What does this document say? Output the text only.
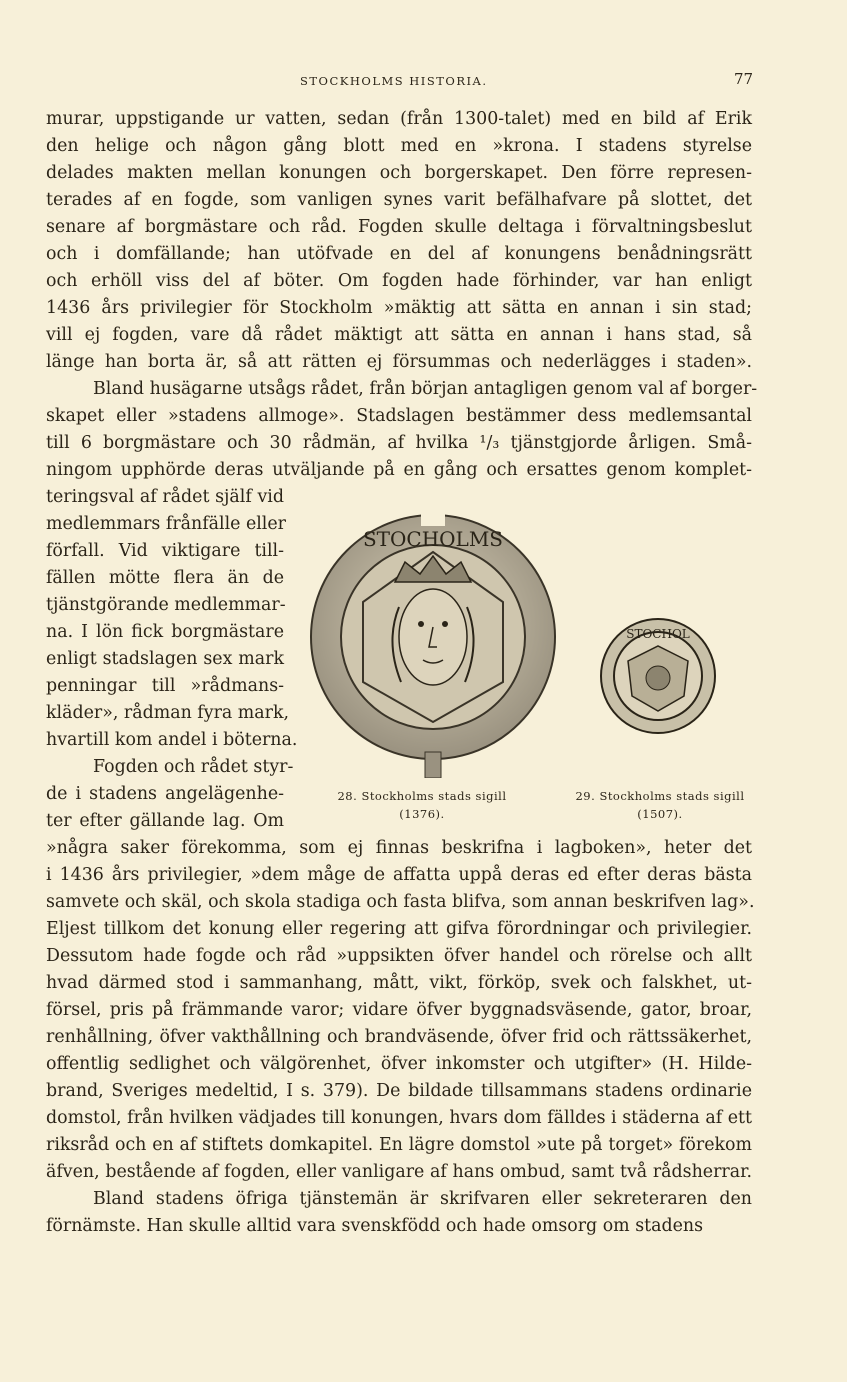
STOCKHOLMS HISTORIA.	77
murar, uppstigande ur vatten, sedan (från 1300-talet) med en bild af Erik
den helige och någon gång blott med en »krona. I stadens styrelse
delades makten mellan konungen och borgerskapet. Den förre represen-
terades af en fogde, som vanligen synes varit befälhafvare på slottet, det
senare af borgmästare och råd. Fogden skulle deltaga i förvaltningsbeslut
och i domfällande; han utöfvade en del af konungens benådningsrätt
och erhöll viss del af böter. Om fogden hade förhinder, var han enligt
1436 års privilegier för Stockholm »mäktig att sätta en annan i sin stad;
vill ej fogden, vare då rådet mäktigt att sätta en annan i hans stad, så
länge han borta är, så att rätten ej försummas och nederlägges i staden».
Bland husägarne utsågs rådet, från början antagligen genom val af borger-
skapet eller »stadens allmoge». Stadslagen bestämmer dess medlemsantal
till 6 borgmästare och 30 rådmän, af hvilka ¹/₃ tjänstgjorde årligen. Små-
ningom upphörde deras utväljande på en gång och ersattes genom komplet-
teringsval af rådet själf vid
medlemmars frånfälle eller
förfall. Vid viktigare till-
fällen mötte flera än de
tjänstgörande medlemmar-
na. I lön fick borgmästare
enligt stadslagen sex mark
penningar till »rådmans-
kläder», rådman fyra mark,
hvartill kom andel i böterna.
Fogden och rådet styr-
de i stadens angelägenhe-
ter efter gällande lag. Om
»några saker förekomma, som ej finnas beskrifna i lagboken», heter det
i 1436 års privilegier, »dem måge de affatta uppå deras ed efter deras bästa
samvete och skäl, och skola stadiga och fasta blifva, som annan beskrifven lag».
Eljest tillkom det konung eller regering att gifva förordningar och privilegier.
Dessutom hade fogde och råd »uppsikten öfver handel och rörelse och allt
hvad därmed stod i sammanhang, mått, vikt, förköp, svek och falskhet, ut-
försel, pris på främmande varor; vidare öfver byggnadsväsende, gator, broar,
renhållning, öfver vakthållning och brandväsende, öfver frid och rättssäkerhet,
offentlig sedlighet och välgörenhet, öfver inkomster och utgifter» (H. Hilde-
brand, Sveriges medeltid, I s. 379). De bildade tillsammans stadens ordinarie
domstol, från hvilken vädjades till konungen, hvars dom fälldes i städerna af ett
riksråd och en af stiftets domkapitel. En lägre domstol »ute på torget» förekom
äfven, bestående af fogden, eller vanligare af hans ombud, samt två rådsherrar.
Bland stadens öfriga tjänstemän är skrifvaren eller sekreteraren den
förnämste. Han skulle alltid vara svenskfödd och hade omsorg om stadens
STOCHOLMS
STOCHOL
28. Stockholms stads sigill
(1376).
29. Stockholms stads sigill
(1507).
